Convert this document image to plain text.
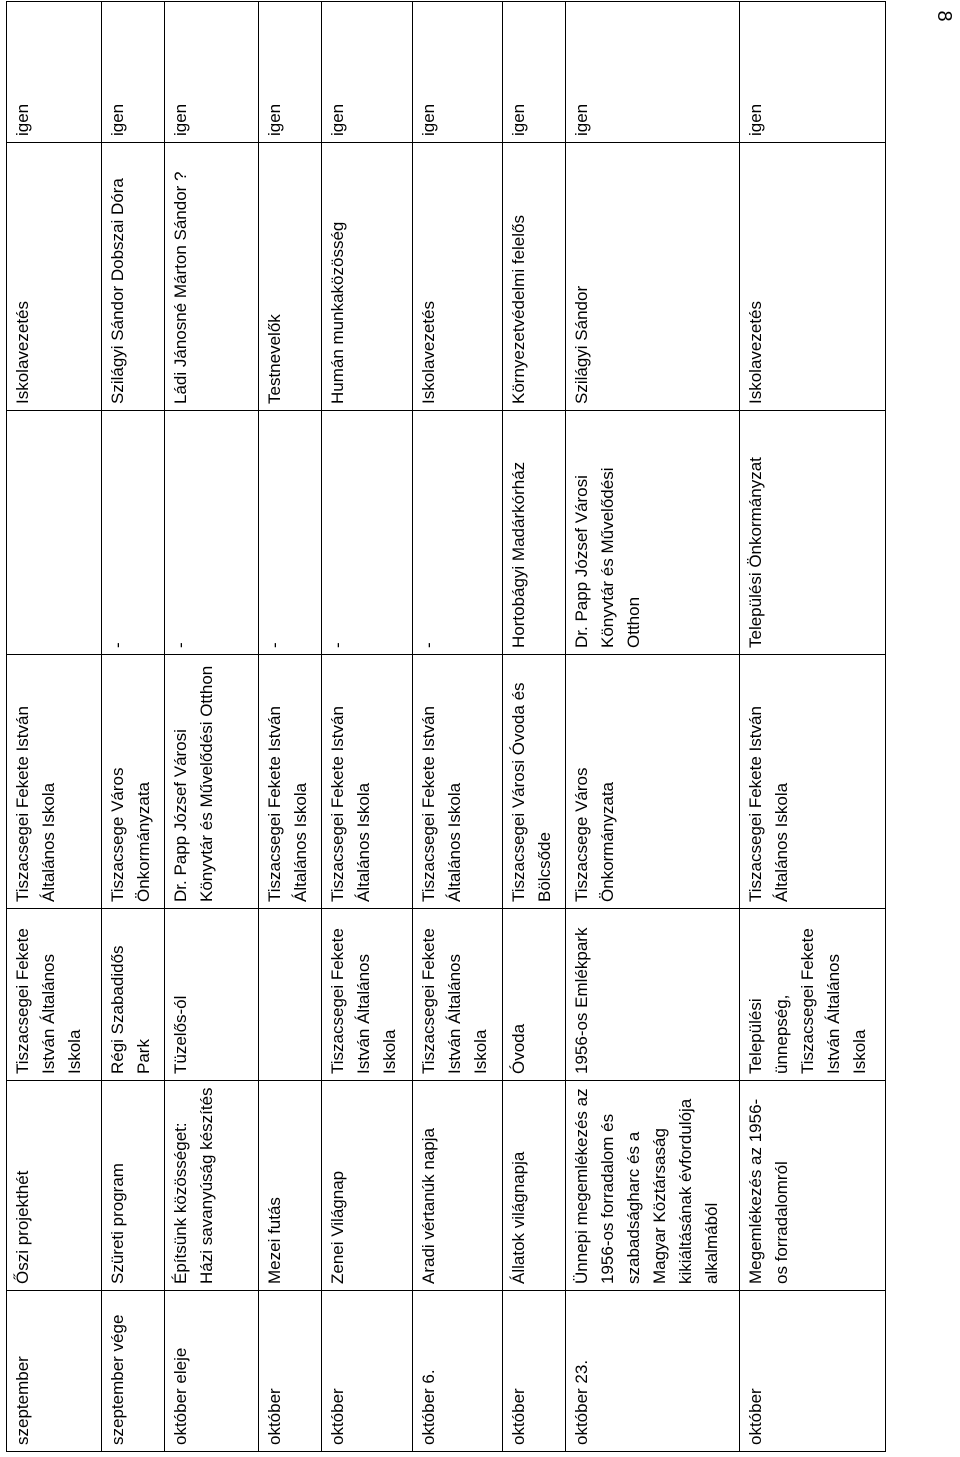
8
szeptember	Őszi projekthét	Tiszacsegei Fekete István Általános Iskola	Tiszacsegei Fekete István Általános Iskola		Iskolavezetés	igen
szeptember vége	Szüreti program	Régi Szabadidős Park	Tiszacsege Város Önkormányzata	-	Szilágyi Sándor Dobszai Dóra	igen
október eleje	Építsünk közösséget: Házi savanyúság készítés	Tüzelős-ól	Dr. Papp József Városi Könyvtár és Művelődési Otthon	-	Ládi Jánosné Márton Sándor ?	igen
október	Mezei futás		Tiszacsegei Fekete István Általános Iskola	-	Testnevelők	igen
október	Zenei Világnap	Tiszacsegei Fekete István Általános Iskola	Tiszacsegei Fekete István Általános Iskola	-	Humán munkaközösség	igen
október 6.	Aradi vértanúk napja	Tiszacsegei Fekete István Általános Iskola	Tiszacsegei Fekete István Általános Iskola	-	Iskolavezetés	igen
október	Állatok világnapja	Óvoda	Tiszacsegei Városi Óvoda és Bölcsőde	Hortobágyi Madárkórház	Környezetvédelmi felelős	igen
október 23.	Ünnepi megemlékezés az 1956-os forradalom és szabadságharc és a Magyar Köztársaság kikiáltásának évfordulója alkalmából	1956-os Emlékpark	Tiszacsege Város Önkormányzata	Dr. Papp József Városi Könyvtár és Művelődési Otthon	Szilágyi Sándor	igen
október	Megemlékezés az 1956-os forradalomról	Települési ünnepség, Tiszacsegei Fekete István Általános Iskola	Tiszacsegei Fekete István Általános Iskola	Települési Önkormányzat	Iskolavezetés	igen
